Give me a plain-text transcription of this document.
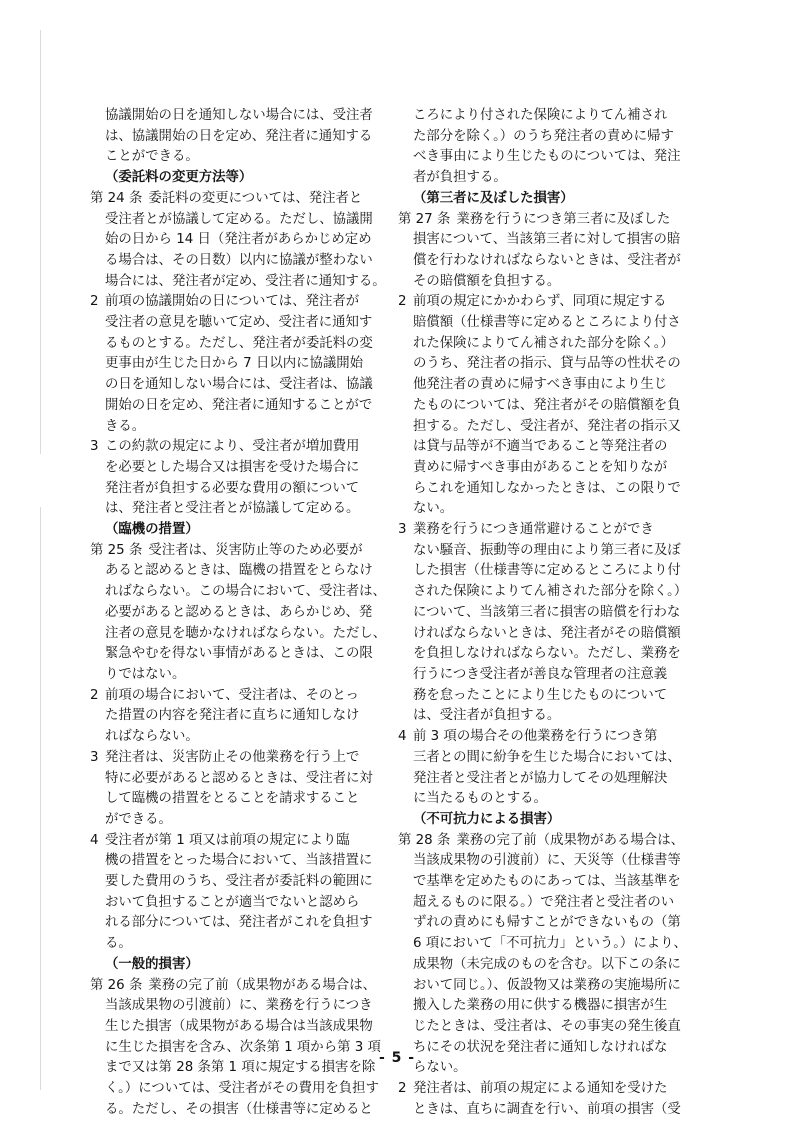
協議開始の日を通知しない場合には、受注者
は、協議開始の日を定め、発注者に通知する
ことができる。
（委託料の変更方法等）
第 24 条 委託料の変更については、発注者と

受注者とが協議して定める。ただし、協議開
始の日から 14 日（発注者があらかじめ定め
る場合は、その日数）以内に協議が整わない
場合には、発注者が定め、受注者に通知する。
2 前項の協議開始の日については、発注者が
受注者の意見を聴いて定め、受注者に通知す
るものとする。ただし、発注者が委託料の変
更事由が生じた日から 7 日以内に協議開始
の日を通知しない場合には、受注者は、協議
開始の日を定め、発注者に通知することがで
きる。
3 この約款の規定により、受注者が増加費用
を必要とした場合又は損害を受けた場合に
発注者が負担する必要な費用の額について
は、発注者と受注者とが協議して定める。
（臨機の措置）
第 25 条 受注者は、災害防止等のため必要が

あると認めるときは、臨機の措置をとらなけ
ればならない。この場合において、受注者は、
必要があると認めるときは、あらかじめ、発
注者の意見を聴かなければならない。ただし、
緊急やむを得ない事情があるときは、この限
りではない。
2 前項の場合において、受注者は、そのとっ
た措置の内容を発注者に直ちに通知しなけ
ればならない。
3 発注者は、災害防止その他業務を行う上で
特に必要があると認めるときは、受注者に対
して臨機の措置をとることを請求すること
ができる。
4 受注者が第 1 項又は前項の規定により臨
機の措置をとった場合において、当該措置に
要した費用のうち、受注者が委託料の範囲に
おいて負担することが適当でないと認めら
れる部分については、発注者がこれを負担す
る。
（一般的損害）
第 26 条 業務の完了前（成果物がある場合は、

当該成果物の引渡前）に、業務を行うにつき
生じた損害（成果物がある場合は当該成果物
に生じた損害を含み、次条第 1 項から第 3 項
まで又は第 28 条第 1 項に規定する損害を除
く。）については、受注者がその費用を負担す
る。ただし、その損害（仕様書等に定めると
ころにより付された保険によりてん補され
た部分を除く。）のうち発注者の責めに帰す
べき事由により生じたものについては、発注
者が負担する。
（第三者に及ぼした損害）
第 27 条 業務を行うにつき第三者に及ぼした

損害について、当該第三者に対して損害の賠
償を行わなければならないときは、受注者が
その賠償額を負担する。
2 前項の規定にかかわらず、同項に規定する
賠償額（仕様書等に定めるところにより付さ
れた保険によりてん補された部分を除く。）
のうち、発注者の指示、貸与品等の性状その
他発注者の責めに帰すべき事由により生じ
たものについては、発注者がその賠償額を負
担する。ただし、受注者が、発注者の指示又
は貸与品等が不適当であること等発注者の
責めに帰すべき事由があることを知りなが
らこれを通知しなかったときは、この限りで
ない。
3 業務を行うにつき通常避けることができ
ない騒音、振動等の理由により第三者に及ぼ
した損害（仕様書等に定めるところにより付
された保険によりてん補された部分を除く。）
について、当該第三者に損害の賠償を行わな
ければならないときは、発注者がその賠償額
を負担しなければならない。ただし、業務を
行うにつき受注者が善良な管理者の注意義
務を怠ったことにより生じたものについて
は、受注者が負担する。
4 前 3 項の場合その他業務を行うにつき第
三者との間に紛争を生じた場合においては、
発注者と受注者とが協力してその処理解決
に当たるものとする。
（不可抗力による損害）
第 28 条 業務の完了前（成果物がある場合は、

当該成果物の引渡前）に、天災等（仕様書等
で基準を定めたものにあっては、当該基準を
超えるものに限る。）で発注者と受注者のい
ずれの責めにも帰すことができないもの（第
6 項において「不可抗力」という。）により、
成果物（未完成のものを含む。以下この条に
おいて同じ。）、仮設物又は業務の実施場所に
搬入した業務の用に供する機器に損害が生
じたときは、受注者は、その事実の発生後直
ちにその状況を発注者に通知しなければな
らない。
2 発注者は、前項の規定による通知を受けた
ときは、直ちに調査を行い、前項の損害（受
- 5 -
